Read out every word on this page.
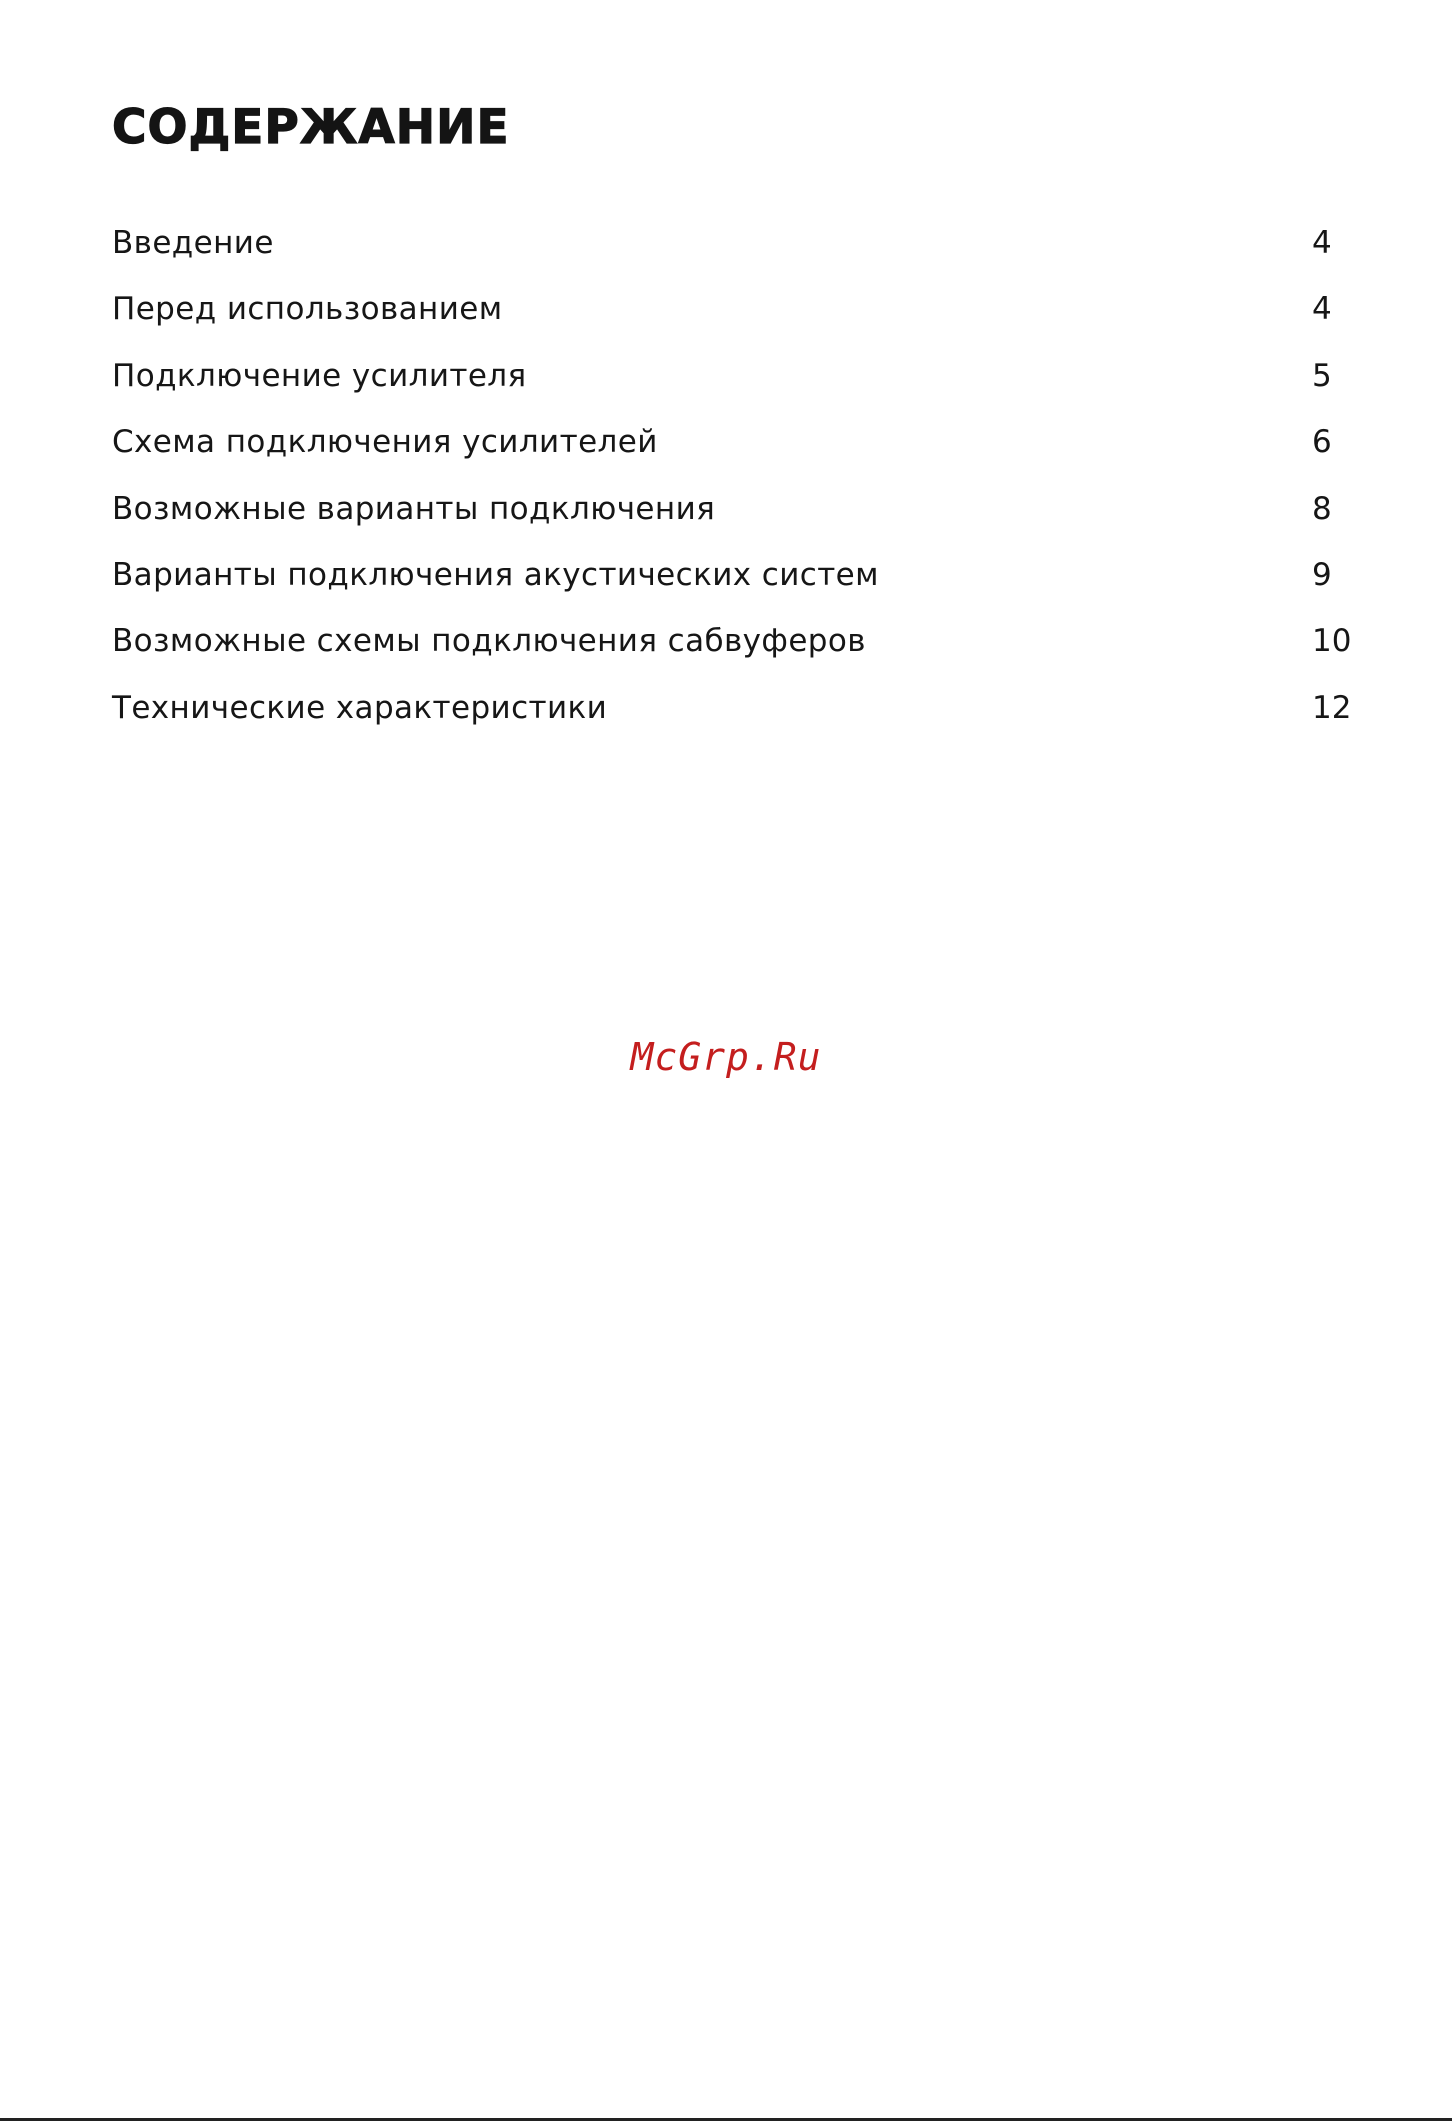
СОДЕРЖАНИЕ
Введение	4
Перед использованием	4
Подключение усилителя	5
Схема подключения усилителей	6
Возможные варианты подключения	8
Варианты подключения акустических систем	9
Возможные схемы подключения сабвуферов	10
Технические характеристики	12
McGrp.Ru
